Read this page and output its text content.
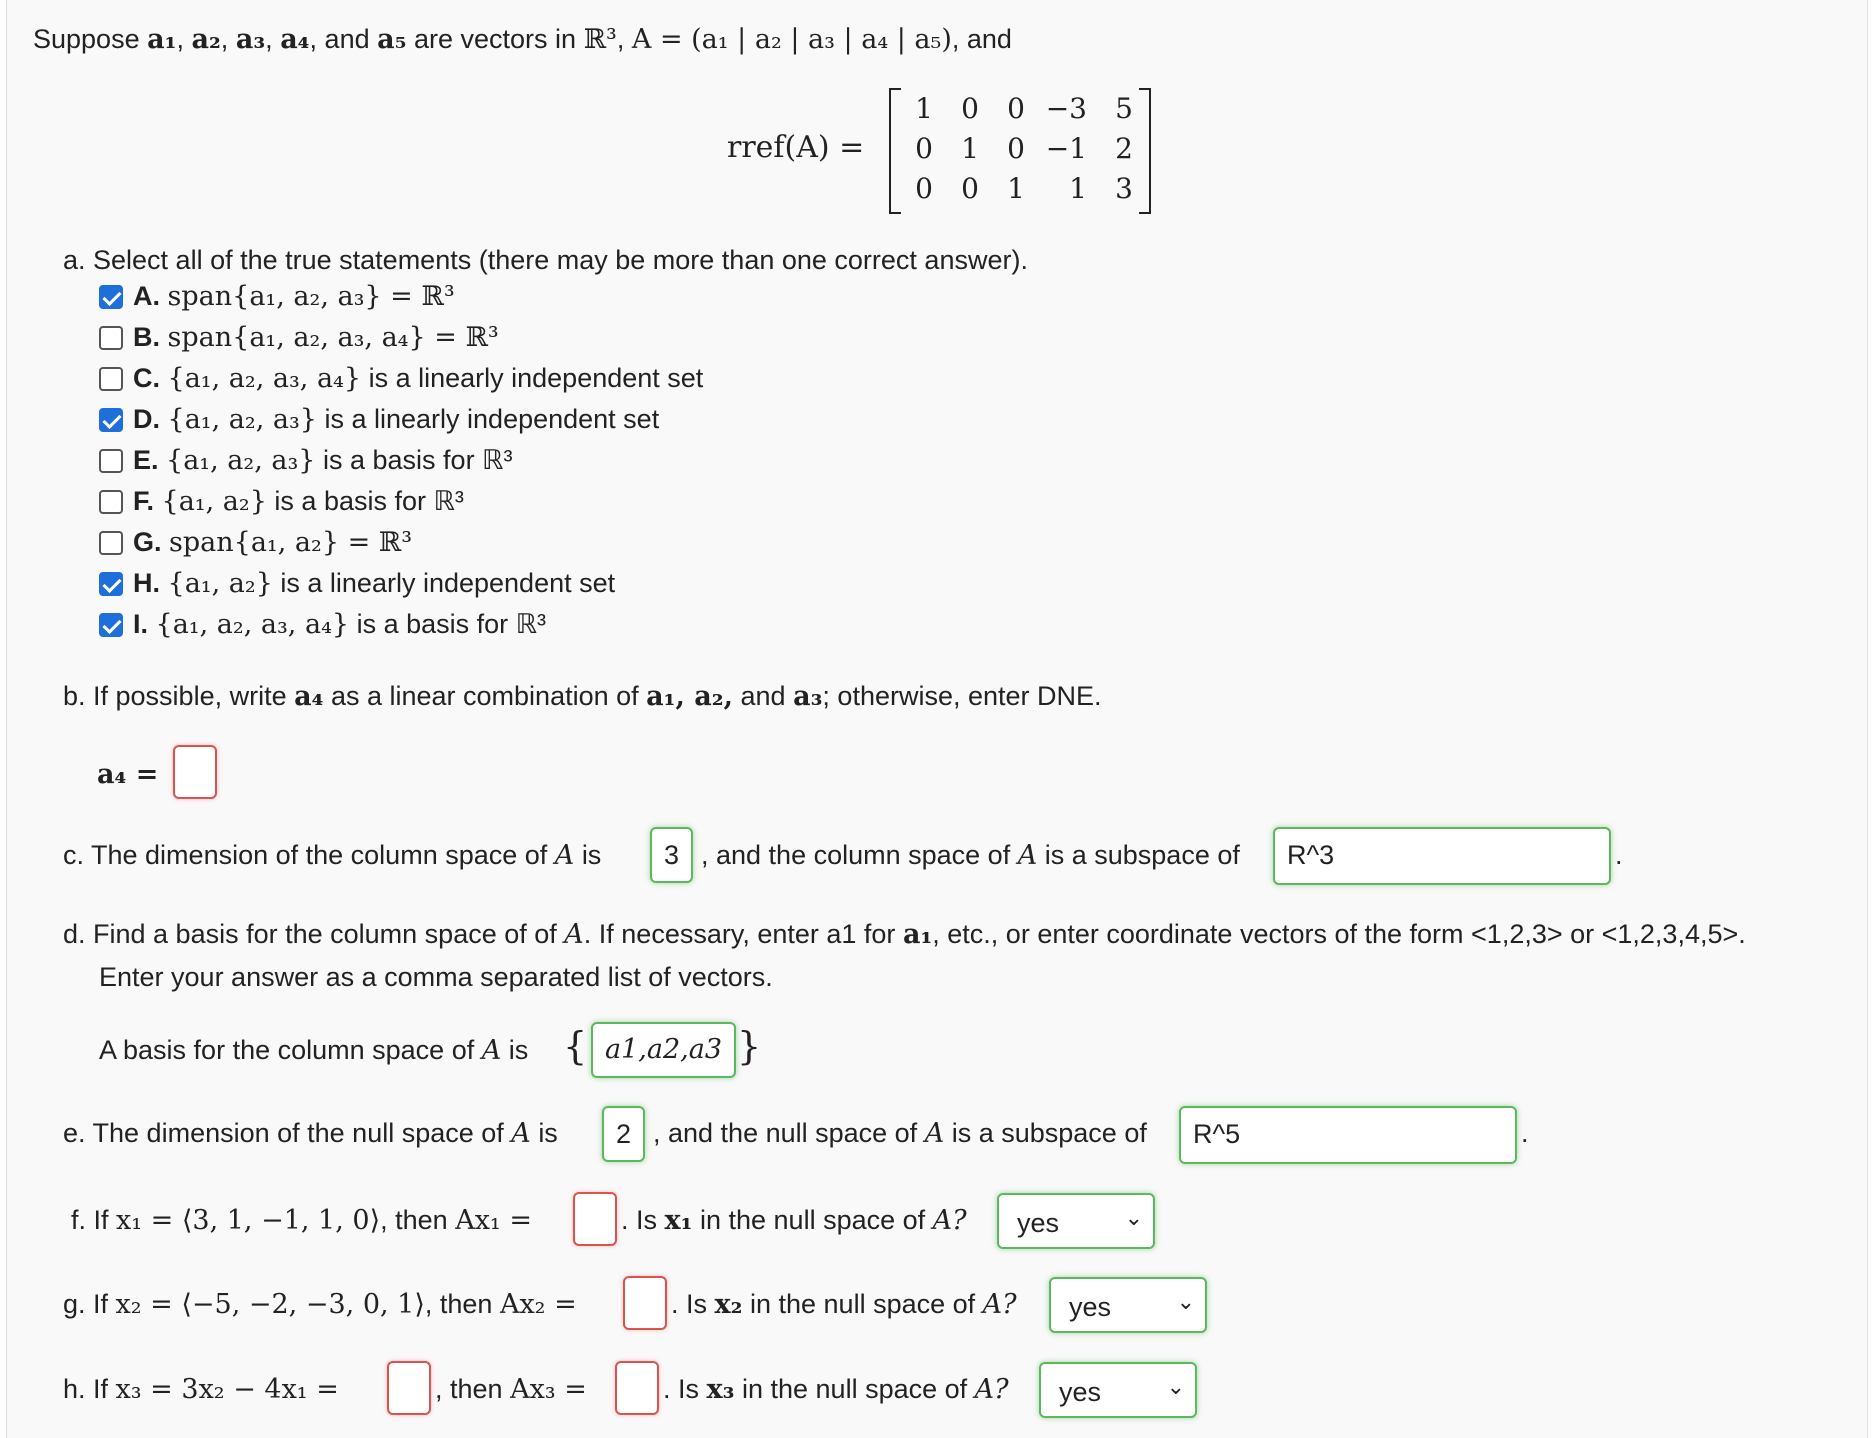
Suppose a₁, a₂, a₃, a₄, and a₅ are vectors in ℝ³, A = (a₁ | a₂ | a₃ | a₄ | a₅), and
rref(A) =
1	0	0	−3	5
0	1	0	−1	2
0	0	1	1	3
a. Select all of the true statements (there may be more than one correct answer).
A. span{a₁, a₂, a₃} = ℝ³
B. span{a₁, a₂, a₃, a₄} = ℝ³
C. {a₁, a₂, a₃, a₄} is a linearly independent set
D. {a₁, a₂, a₃} is a linearly independent set
E. {a₁, a₂, a₃} is a basis for ℝ³
F. {a₁, a₂} is a basis for ℝ³
G. span{a₁, a₂} = ℝ³
H. {a₁, a₂} is a linearly independent set
I. {a₁, a₂, a₃, a₄} is a basis for ℝ³
b. If possible, write a₄ as a linear combination of a₁, a₂, and a₃; otherwise, enter DNE.
a₄ =
c. The dimension of the column space of A is	3 , and the column space of A is a subspace of	R^3	.
d. Find a basis for the column space of of A. If necessary, enter a1 for a₁, etc., or enter coordinate vectors of the form <1,2,3> or <1,2,3,4,5>.
Enter your answer as a comma separated list of vectors.
A basis for the column space of A is { a1,a2,a3 }
e. The dimension of the null space of A is	2 , and the null space of A is a subspace of	R^5	.
f. If x₁ = ⟨3, 1, −1, 1, 0⟩, then Ax₁ =	. Is x₁ in the null space of A? yes	⌄
g. If x₂ = ⟨−5, −2, −3, 0, 1⟩, then Ax₂ =	. Is x₂ in the null space of A? yes	⌄
h. If x₃ = 3x₂ − 4x₁ =	, then Ax₃ =	. Is x₃ in the null space of A? yes	⌄
